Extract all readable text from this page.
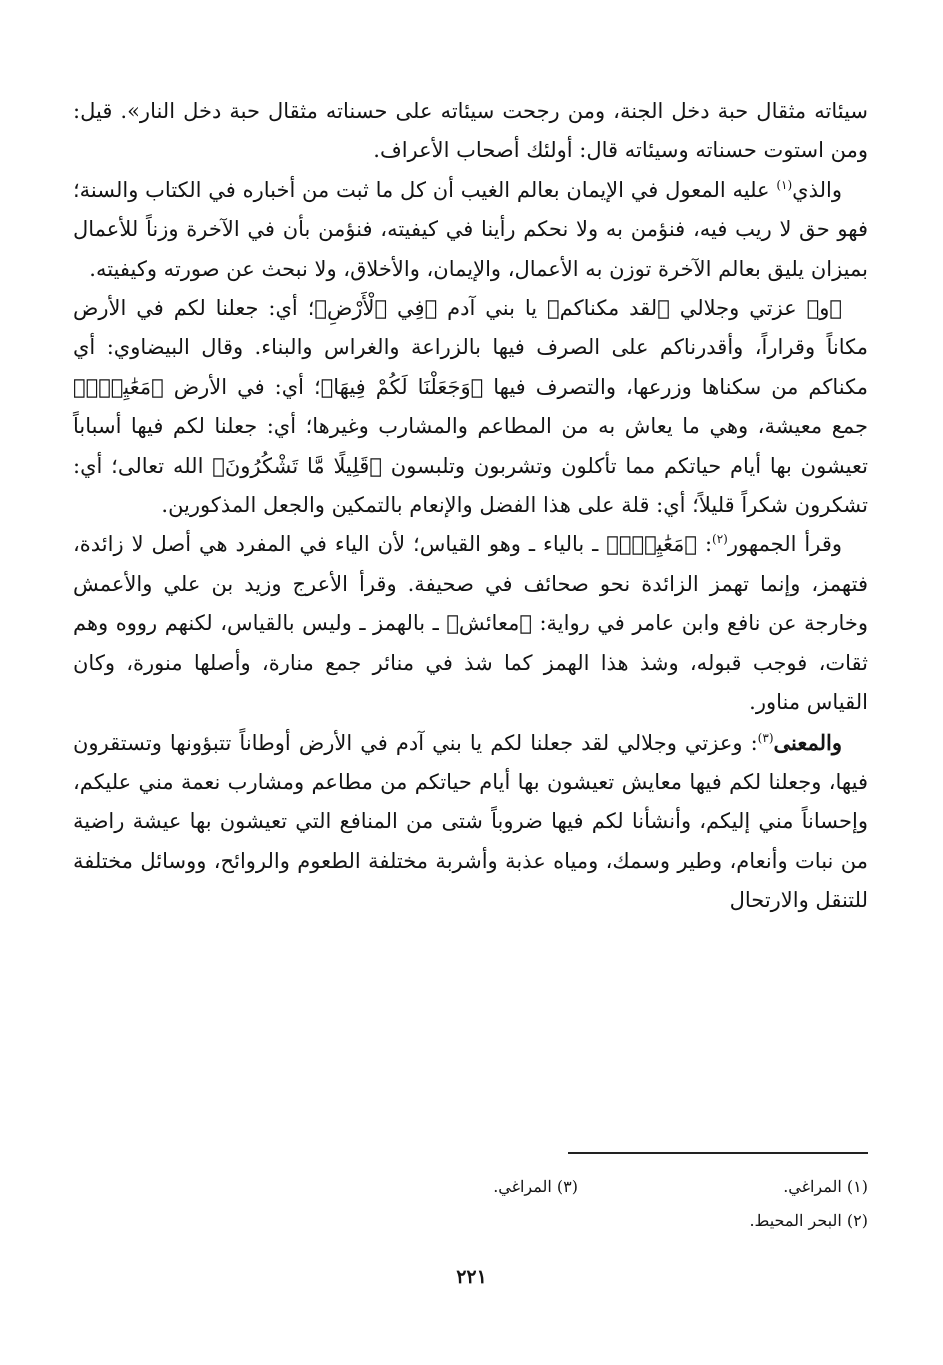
سيئاته مثقال حبة دخل الجنة، ومن رجحت سيئاته على حسناته مثقال حبة دخل النار». قيل: ومن استوت حسناته وسيئاته قال: أولئك أصحاب الأعراف.

والذي$^{(١)}$ عليه المعول في الإيمان بعالم الغيب أن كل ما ثبت من أخباره في الكتاب والسنة؛ فهو حق لا ريب فيه، فنؤمن به ولا نحكم رأينا في كيفيته، فنؤمن بأن في الآخرة وزناً للأعمال بميزان يليق بعالم الآخرة توزن به الأعمال، والإيمان، والأخلاق، ولا نبحث عن صورته وكيفيته.

﴿و﴾ عزتي وجلالي ﴿لقد مكناكم﴾ يا بني آدم ﴿فِي ٱلْأَرْضِ﴾؛ أي: جعلنا لكم في الأرض مكاناً وقراراً، وأقدرناكم على الصرف فيها بالزراعة والغراس والبناء. وقال البيضاوي: أي مكناكم من سكناها وزرعها، والتصرف فيها ﴿وَجَعَلْنَا لَكُمْ فِيهَا﴾؛ أي: في الأرض ﴿مَعَٰيِشَۗ﴾ جمع معيشة، وهي ما يعاش به من المطاعم والمشارب وغيرها؛ أي: جعلنا لكم فيها أسباباً تعيشون بها أيام حياتكم مما تأكلون وتشربون وتلبسون ﴿قَلِيلًا مَّا تَشْكُرُونَ﴾ الله تعالى؛ أي: تشكرون شكراً قليلاً؛ أي: قلة على هذا الفضل والإنعام بالتمكين والجعل المذكورين.

وقرأ الجمهور$^{(٢)}$: ﴿مَعَٰيِشَۗ﴾ ـ بالياء ـ وهو القياس؛ لأن الياء في المفرد هي أصل لا زائدة، فتهمز، وإنما تهمز الزائدة نحو صحائف في صحيفة. وقرأ الأعرج وزيد بن علي والأعمش وخارجة عن نافع وابن عامر في رواية: ﴿معائش﴾ ـ بالهمز ـ وليس بالقياس، لكنهم رووه وهم ثقات، فوجب قبوله، وشذ هذا الهمز كما شذ في منائر جمع منارة، وأصلها منورة، وكان القياس مناور.

والمعنى$^{(٣)}$: وعزتي وجلالي لقد جعلنا لكم يا بني آدم في الأرض أوطاناً تتبؤونها وتستقرون فيها، وجعلنا لكم فيها معايش تعيشون بها أيام حياتكم من مطاعم ومشارب نعمة مني عليكم، وإحساناً مني إليكم، وأنشأنا لكم فيها ضروباً شتى من المنافع التي تعيشون بها عيشة راضية من نبات وأنعام، وطير وسمك، ومياه عذبة وأشربة مختلفة الطعوم والروائح، ووسائل مختلفة للتنقل والارتحال

(١) المراغي.
(٣) المراغي.
(٢) البحر المحيط.
٢٢١
